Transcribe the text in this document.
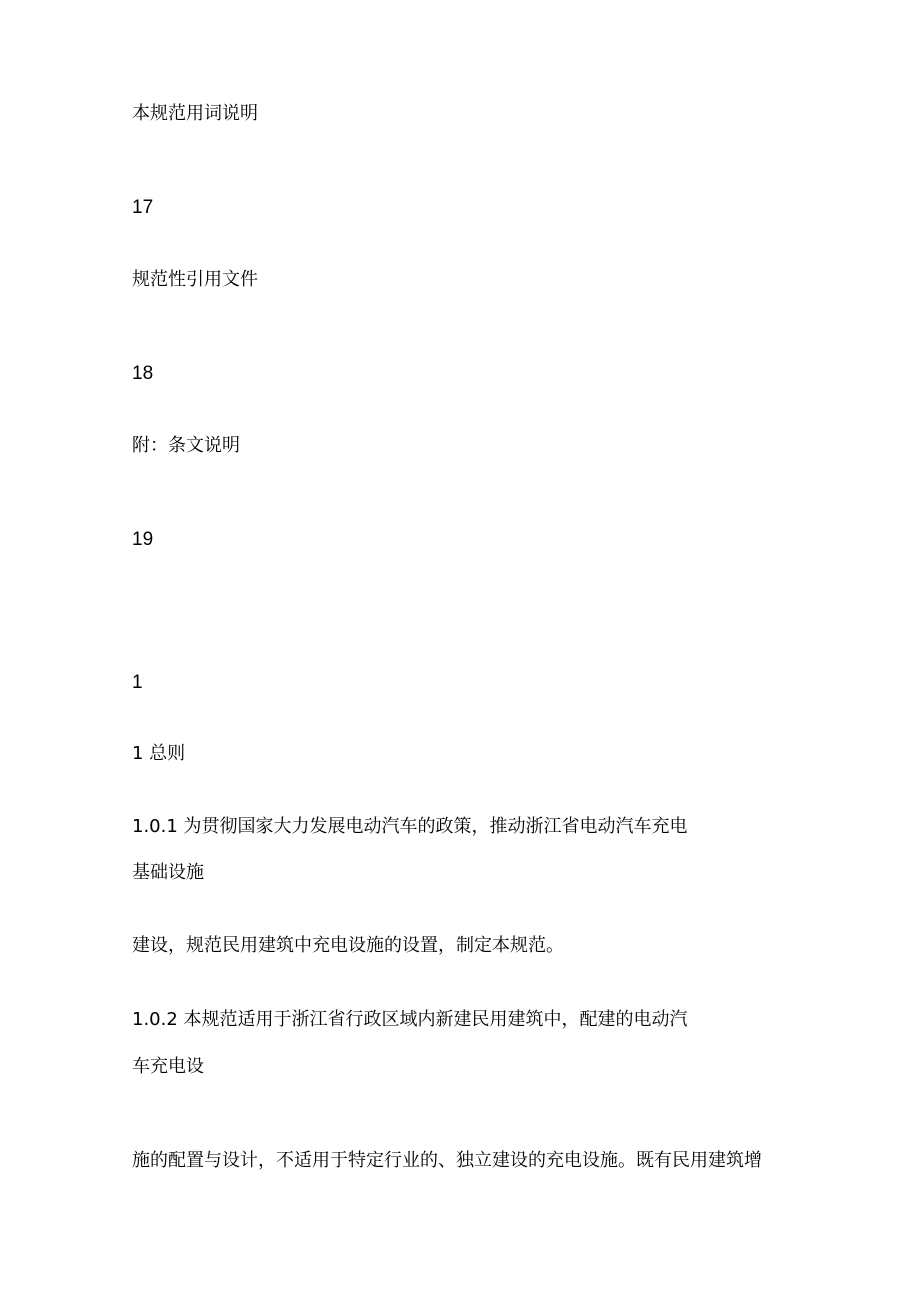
本规范用词说明
17
规范性引用文件
18
附：条文说明
19
1
1 总则
1.0.1 为贯彻国家大力发展电动汽车的政策，推动浙江省电动汽车充电
基础设施
建设，规范民用建筑中充电设施的设置，制定本规范。
1.0.2 本规范适用于浙江省行政区域内新建民用建筑中，配建的电动汽
车充电设
施的配置与设计，不适用于特定行业的、独立建设的充电设施。既有民用建筑增
